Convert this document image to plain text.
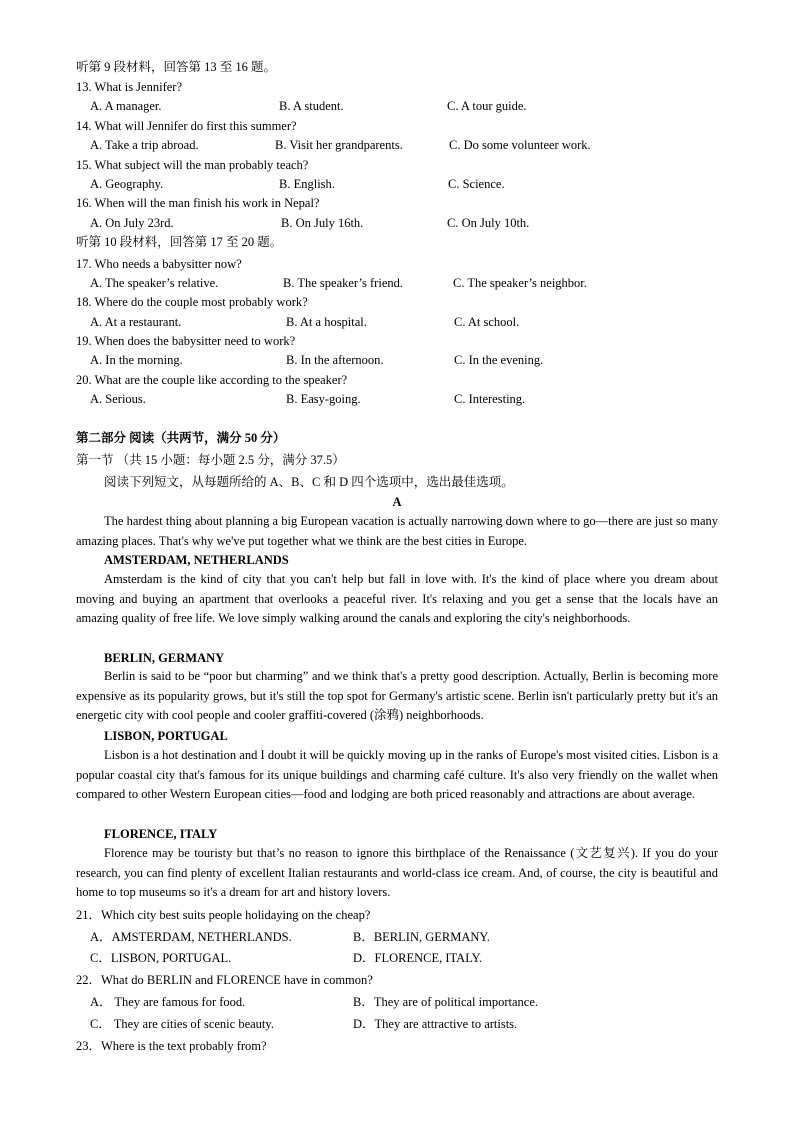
听第 9 段材料，回答第 13 至 16 题。
13. What is Jennifer?
A. A manager.	B. A student.	C. A tour guide.
14. What will Jennifer do first this summer?
A. Take a trip abroad.	B. Visit her grandparents.	C. Do some volunteer work.
15. What subject will the man probably teach?
A. Geography.	B. English.	C. Science.
16. When will the man finish his work in Nepal?
A. On July 23rd.	B. On July 16th.	C. On July 10th.
听第 10 段材料，回答第 17 至 20 题。
17. Who needs a babysitter now?
A. The speaker’s relative.	B. The speaker’s friend.	C. The speaker’s neighbor.
18. Where do the couple most probably work?
A. At a restaurant.	B. At a hospital.	C. At school.
19. When does the babysitter need to work?
A. In the morning.	B. In the afternoon.	C. In the evening.
20. What are the couple like according to the speaker?
A. Serious.	B. Easy-going.	C. Interesting.
第二部分 阅读（共两节，满分 50 分）
第一节 （共 15 小题：每小题 2.5 分，满分 37.5）
阅读下列短文，从每题所给的 A、B、C 和 D 四个选项中，选出最佳选项。
A
The hardest thing about planning a big European vacation is actually narrowing down where to go—there are just so many amazing places. That's why we've put together what we think are the best cities in Europe.
AMSTERDAM, NETHERLANDS
Amsterdam is the kind of city that you can't help but fall in love with. It's the kind of place where you dream about moving and buying an apartment that overlooks a peaceful river. It's relaxing and you get a sense that the locals have an amazing quality of free life. We love simply walking around the canals and exploring the city's neighborhoods.
BERLIN, GERMANY
Berlin is said to be “poor but charming” and we think that's a pretty good description. Actually, Berlin is becoming more expensive as its popularity grows, but it's still the top spot for Germany's artistic scene. Berlin isn't particularly pretty but it's an energetic city with cool people and cooler graffiti-covered (涂鸦) neighborhoods.
LISBON, PORTUGAL
Lisbon is a hot destination and I doubt it will be quickly moving up in the ranks of Europe's most visited cities. Lisbon is a popular coastal city that's famous for its unique buildings and charming café culture. It's also very friendly on the wallet when compared to other Western European cities—food and lodging are both priced reasonably and attractions are about average.
FLORENCE, ITALY
Florence may be touristy but that’s no reason to ignore this birthplace of the Renaissance (文艺复兴). If you do your research, you can find plenty of excellent Italian restaurants and world-class ice cream. And, of course, the city is beautiful and home to top museums so it's a dream for art and history lovers.
21．Which city best suits people holidaying on the cheap?
A．AMSTERDAM, NETHERLANDS.	B．BERLIN, GERMANY.
C．LISBON, PORTUGAL.	D．FLORENCE, ITALY.
22．What do BERLIN and FLORENCE have in common?
A． They are famous for food.	B．They are of political importance.
C． They are cities of scenic beauty.	D．They are attractive to artists.
23．Where is the text probably from?
